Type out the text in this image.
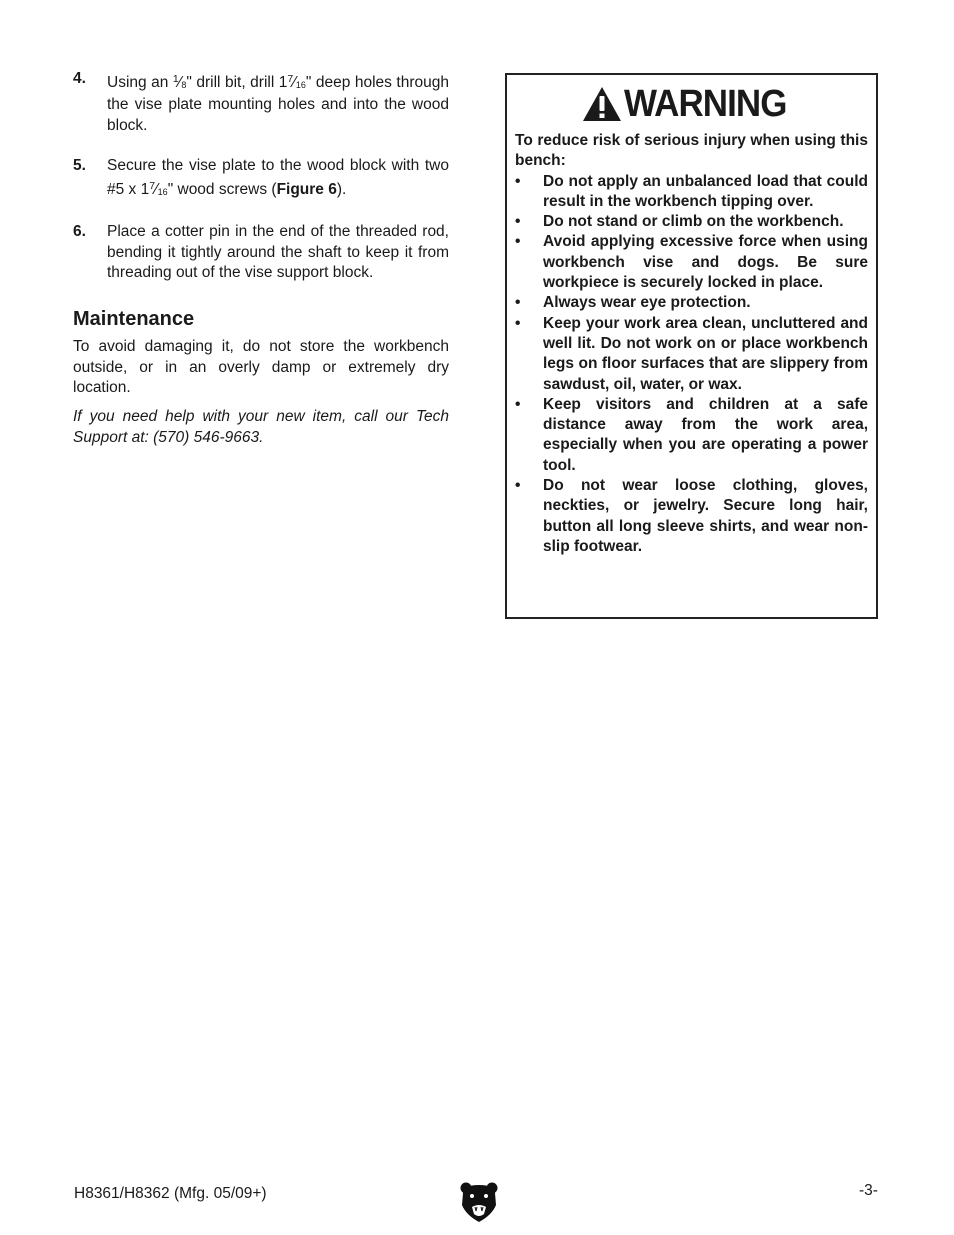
4.	Using an $^1$⁄8" drill bit, drill $1^7⁄16$" deep holes through the vise plate mounting holes and into the wood block.
5.	Secure the vise plate to the wood block with two #5 x $1^7⁄16$" wood screws (Figure 6).
6.	Place a cotter pin in the end of the threaded rod, bending it tightly around the shaft to keep it from threading out of the vise support block.
Maintenance

To avoid damaging it, do not store the workbench outside, or in an overly damp or extremely dry location.

If you need help with your new item, call our Tech Support at: (570) 546-9663.

WARNING
To reduce risk of serious injury when using this bench:
•	Do not apply an unbalanced load that could result in the workbench tipping over.
•	Do not stand or climb on the workbench.
•	Avoid applying excessive force when using workbench vise and dogs. Be sure workpiece is securely locked in place.
•	Always wear eye protection.
•	Keep your work area clean, uncluttered and well lit. Do not work on or place workbench legs on floor surfaces that are slippery from sawdust, oil, water, or wax.
•	Keep visitors and children at a safe distance away from the work area, especially when you are operating a power tool.
•	Do not wear loose clothing, gloves, neckties, or jewelry. Secure long hair, button all long sleeve shirts, and wear non-slip footwear.
H8361/H8362 (Mfg. 05/09+)	-3-
